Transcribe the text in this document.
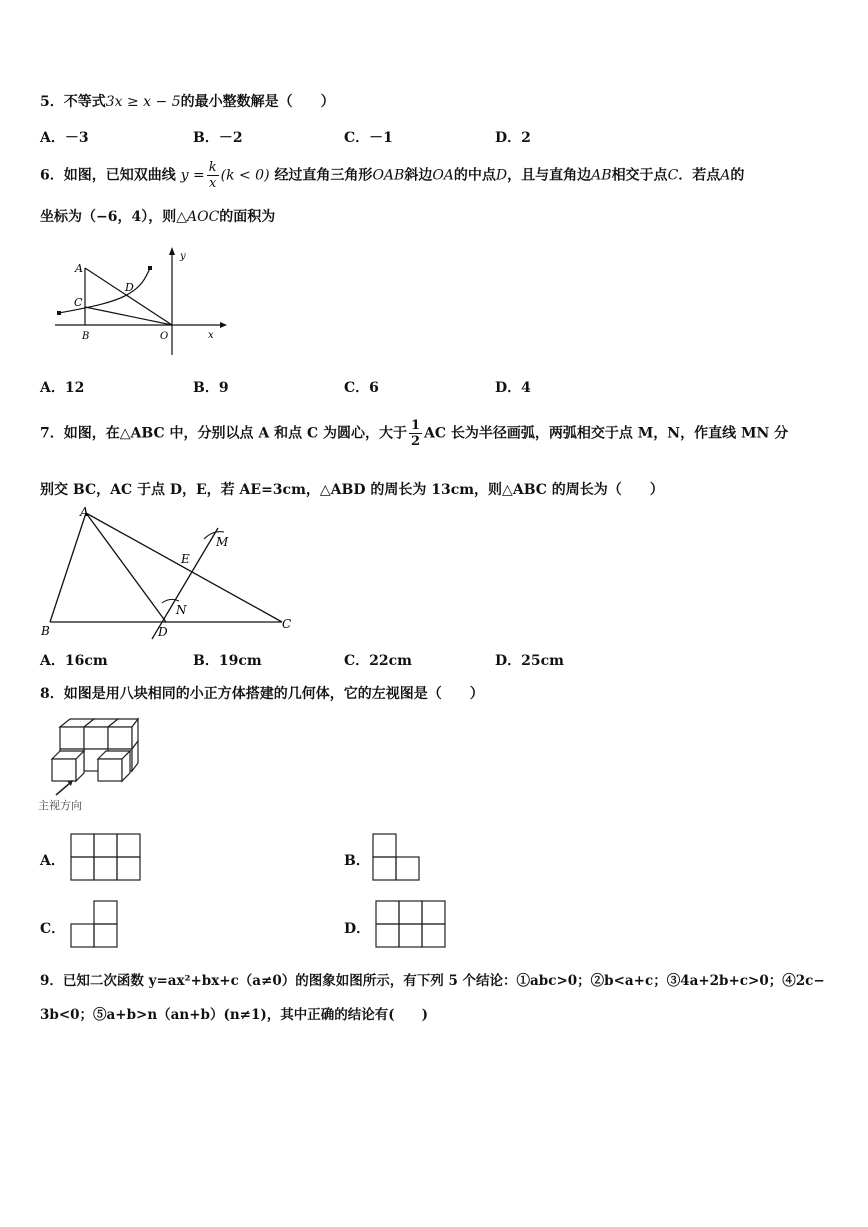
5．不等式3x ≥ x − 5的最小整数解是（　　）
A．－3	B．－2	C．－1	D．2
6．如图，已知双曲线 $y = \frac{k}{x} (k < 0)$ 经过直角三角形OAB斜边OA的中点D，且与直角边AB相交于点C．若点A的
坐标为（−6，4），则△AOC的面积为
A
C
D
B	O	x
y
A．12	B．9	C．6	D．4
7．如图，在△ABC 中，分别以点 A 和点 C 为圆心，大于 $\frac{1}{2}$ AC 长为半径画弧，两弧相交于点 M，N，作直线 MN 分
别交 BC，AC 于点 D，E，若 AE=3cm，△ABD 的周长为 13cm，则△ABC 的周长为（　　）
A
B	C
D
E
M
N
A．16cm	B．19cm	C．22cm	D．25cm
8．如图是用八块相同的小正方体搭建的几何体，它的左视图是（　　）
主视方向
A．	B．
C．	D．
9．已知二次函数 y=ax²+bx+c（a≠0）的图象如图所示，有下列 5 个结论：①abc>0；②b<a+c；③4a+2b+c>0；④2c−
3b<0；⑤a+b>n（an+b）(n≠1)，其中正确的结论有(　　)
